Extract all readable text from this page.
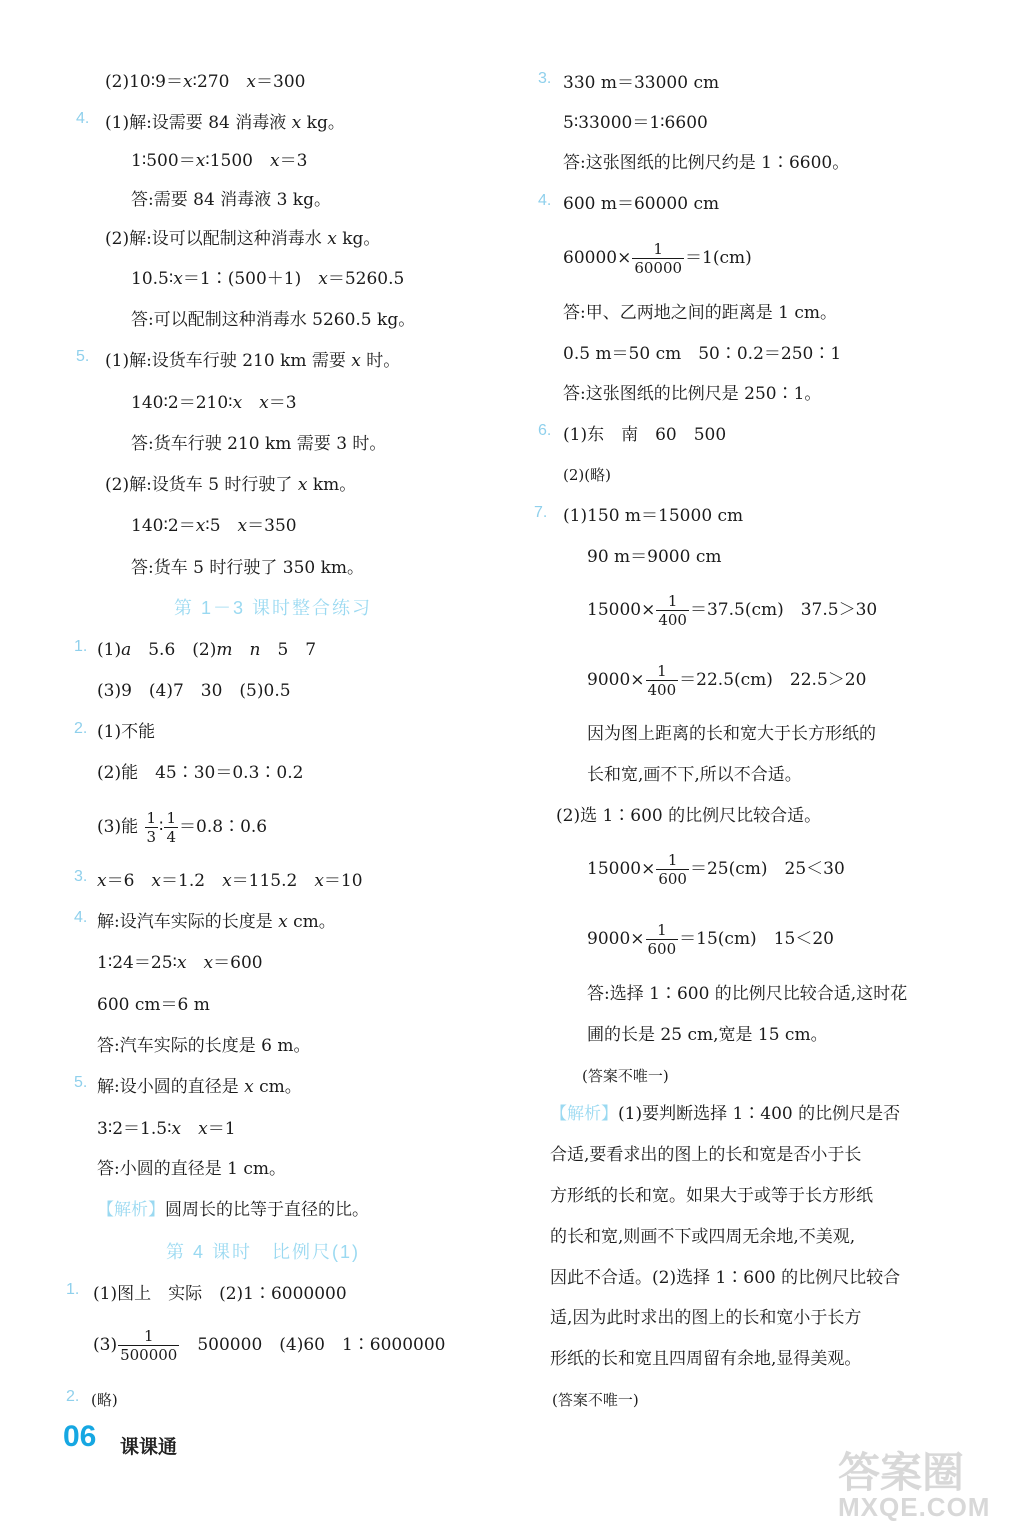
(2)10∶9＝x∶270　 x＝300
4. (1)解:设需要 84 消毒液 x kg。
1∶500＝x∶1500　 x＝3
答:需要 84 消毒液 3 kg。
(2)解:设可以配制这种消毒水 x kg。
10.5∶x＝1∶(500＋1)　 x＝5260.5
答:可以配制这种消毒水 5260.5 kg。
5. (1)解:设货车行驶 210 km 需要 x 时。
140∶2＝210∶x　 x＝3
答:货车行驶 210 km 需要 3 时。
(2)解:设货车 5 时行驶了 x km。
140∶2＝x∶5　 x＝350
答:货车 5 时行驶了 350 km。
第 1－3 课时整合练习
1. (1)a　 5.6　(2)m　 n　 5　7
(3)9　(4)7　30　(5)0.5
2. (1)不能
(2)能　45∶30＝0.3∶0.2
(3)能 $\frac{1}{3}$ ∶ $\frac{1}{4}$ ＝0.8∶0.6
3. x＝6　 x＝1.2　 x＝115.2　 x＝10
4. 解:设汽车实际的长度是 x cm。
1∶24＝25∶x　 x＝600
600 cm＝6 m
答:汽车实际的长度是 6 m。
5. 解:设小圆的直径是 x cm。
3∶2＝1.5∶x　 x＝1
答:小圆的直径是 1 cm。
【解析】圆周长的比等于直径的比。
第 4 课时　比例尺(1)
1. (1)图上　实际　(2)1∶6000000
$(3) \frac{1}{500000}$
　 500000　(4)60　1∶6000000
2. (略)
06 课课通
3. 330 m＝33000 cm
5∶33000＝1∶6600
答:这张图纸的比例尺约是 1∶6600。
4. 600 m＝60000 cm
$60000\times \frac{1}{60000} =1(cm)$
答:甲、乙两地之间的距离是 1 cm。
0.5 m＝50 cm　50∶0.2＝250∶1
答:这张图纸的比例尺是 250∶1。
6. (1)东　南　60　500
(2)(略)
7. (1)150 m＝15000 cm
90 m＝9000 cm
$15000\times \frac{1}{400} =37.5(cm)$　37.5＞30
$9000\times \frac{1}{400} =22.5(cm)$　22.5＞20
因为图上距离的长和宽大于长方形纸的
长和宽,画不下,所以不合适。
(2)选 1∶600 的比例尺比较合适。
$15000\times \frac{1}{600} =25(cm)$　25＜30
$9000\times \frac{1}{600} =15(cm)$　15＜20
答:选择 1∶600 的比例尺比较合适,这时花
圃的长是 25 cm,宽是 15 cm。
(答案不唯一)
【解析】(1)要判断选择 1∶400 的比例尺是否
合适,要看求出的图上的长和宽是否小于长
方形纸的长和宽。如果大于或等于长方形纸
的长和宽,则画不下或四周无余地,不美观,
因此不合适。(2)选择 1∶600 的比例尺比较合
适,因为此时求出的图上的长和宽小于长方
形纸的长和宽且四周留有余地,显得美观。
(答案不唯一)
答案圈
MXQE.COM
